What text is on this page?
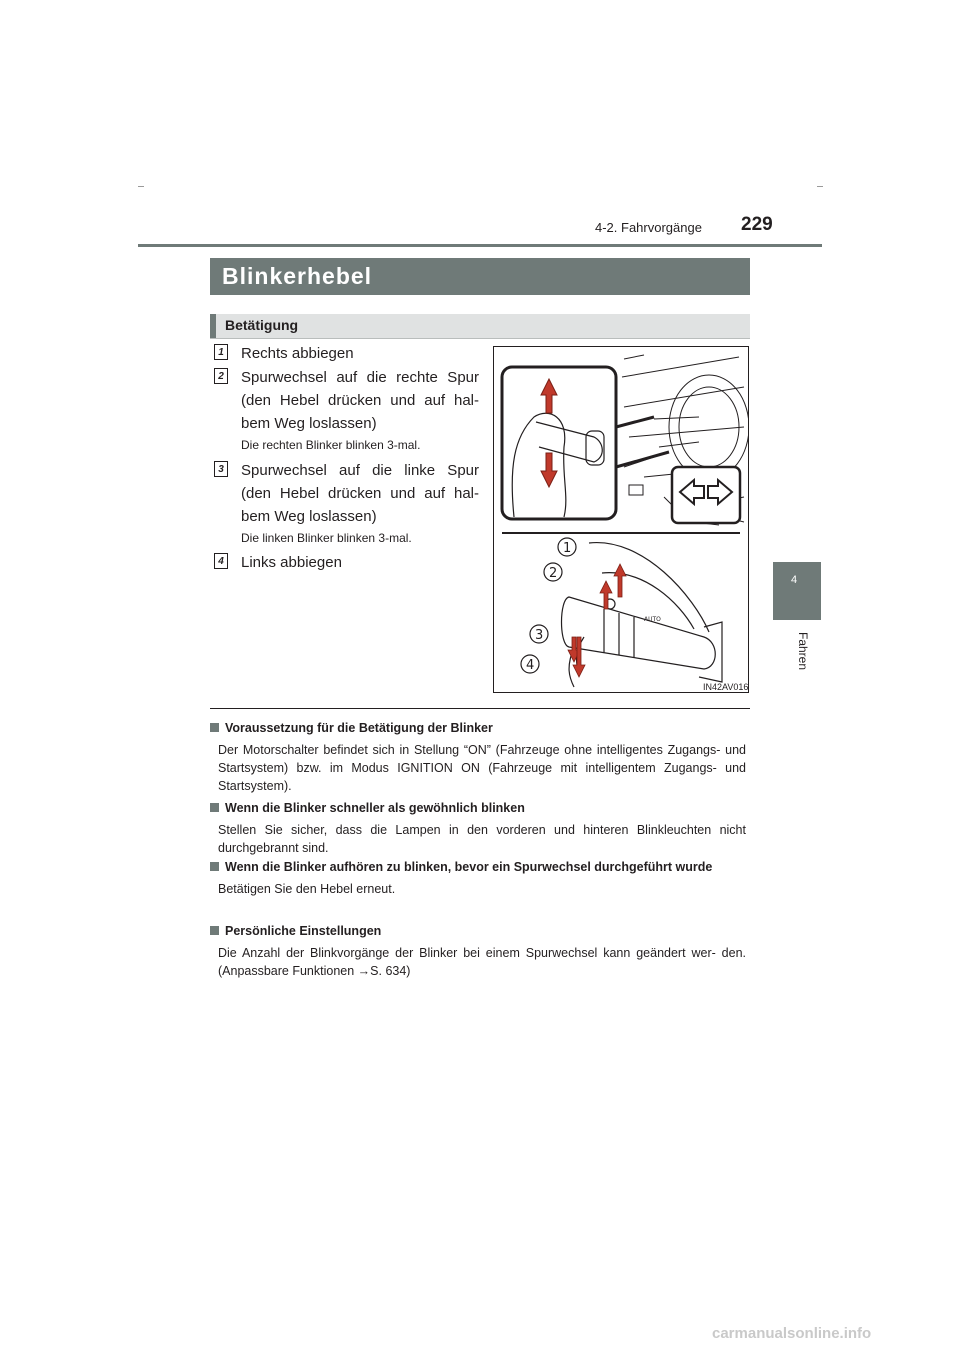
229
4-2. Fahrvorgänge
4
Fahren
Blinkerhebel
Betätigung
1 Rechts abbiegen
2 Spurwechsel auf die rechte Spur (den Hebel drücken und auf hal- bem Weg loslassen)
Die rechten Blinker blinken 3-mal.
3 Spurwechsel auf die linke Spur (den Hebel drücken und auf hal- bem Weg loslassen)
Die linken Blinker blinken 3-mal.
4 Links abbiegen
AUTO
1
2
3
4
IN42AV016
Voraussetzung für die Betätigung der Blinker
Der Motorschalter befindet sich in Stellung “ON” (Fahrzeuge ohne intelligentes Zugangs- und Startsystem) bzw. im Modus IGNITION ON (Fahrzeuge mit intelligentem Zugangs- und Startsystem).
Wenn die Blinker schneller als gewöhnlich blinken
Stellen Sie sicher, dass die Lampen in den vorderen und hinteren Blinkleuchten nicht durchgebrannt sind.
Wenn die Blinker aufhören zu blinken, bevor ein Spurwechsel durchgeführt wurde
Betätigen Sie den Hebel erneut.
Persönliche Einstellungen
Die Anzahl der Blinkvorgänge der Blinker bei einem Spurwechsel kann geändert wer- den. (Anpassbare Funktionen →S. 634)
carmanualsonline.info
